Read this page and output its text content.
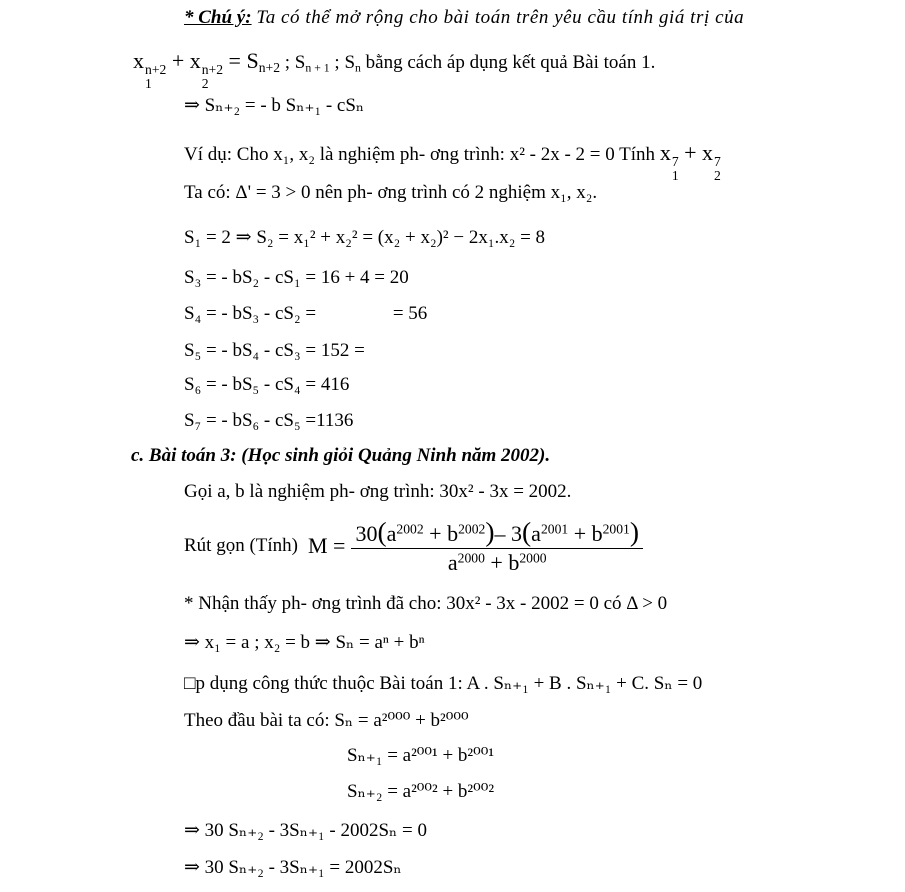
* Chú ý: Ta có thể mở rộng cho bài toán trên yêu cầu tính giá trị của
x n+2
1
+ x n+2
2
= $S_{n+2}$ ; $S_{n + 1}$ ; $S_n$ bằng cách áp dụng kết quả Bài toán 1.
⇒ Sₙ₊₂ = - b Sₙ₊₁ - cSₙ
Ví dụ: Cho x₁, x₂ là nghiệm ph- ơng trình: x² - 2x - 2 = 0 Tính x 7
1
+ x 7
2
Ta có: Δ' = 3 > 0 nên ph- ơng trình có 2 nghiệm x₁, x₂.
S₁ = 2 ⇒ S₂ = x₁² + x₂² = (x₂ + x₂)² − 2x₁.x₂ = 8
S₃ = - bS₂ - cS₁ = 16 + 4 = 20
S₄ = - bS₃ - cS₂ =	= 56
S₅ = - bS₄ - cS₃ = 152 =
S₆ = - bS₅ - cS₄ = 416
S₇ = - bS₆ - cS₅ =1136
c. Bài toán 3: (Học sinh giỏi Quảng Ninh năm 2002).
Gọi a, b là nghiệm ph- ơng trình: 30x² - 3x = 2002.
Rút gọn (Tính) $M = \frac{30(a^{2002} + b^{2002})- 3(a^{2001} + b^{2001})}{a^{2000} + b^{2000}}$
* Nhận thấy ph- ơng trình đã cho: 30x² - 3x - 2002 = 0 có Δ > 0
⇒ x₁ = a ; x₂ = b ⇒ Sₙ = aⁿ + bⁿ
□p dụng công thức thuộc Bài toán 1: A . Sₙ₊₁ + B . Sₙ₊₁ + C. Sₙ = 0
Theo đầu bài ta có: Sₙ = a²⁰⁰⁰ + b²⁰⁰⁰
Sₙ₊₁ = a²⁰⁰¹ + b²⁰⁰¹
Sₙ₊₂ = a²⁰⁰² + b²⁰⁰²
⇒ 30 Sₙ₊₂ - 3Sₙ₊₁ - 2002Sₙ = 0
⇒ 30 Sₙ₊₂ - 3Sₙ₊₁ = 2002Sₙ
